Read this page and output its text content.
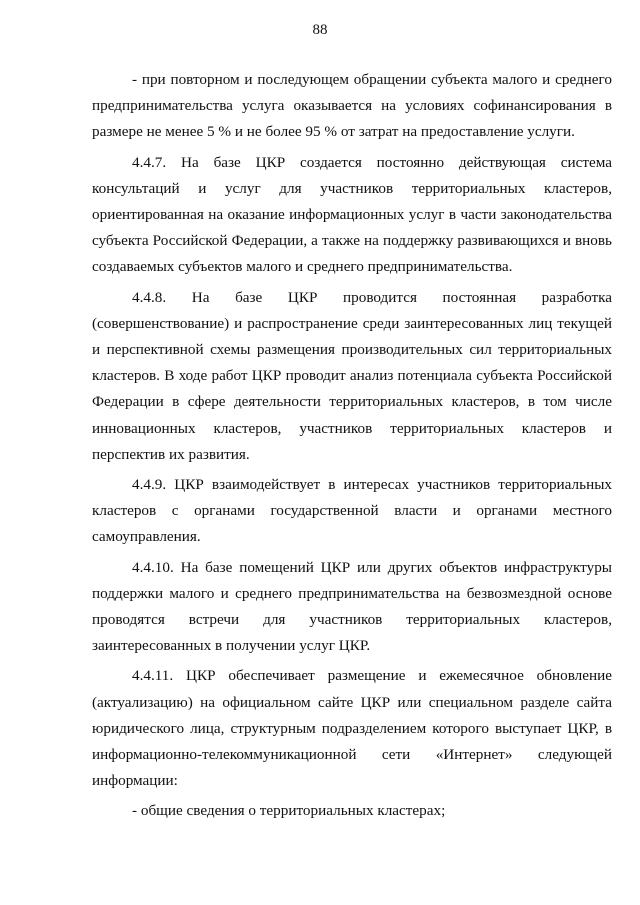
88

- при повторном и последующем обращении субъекта малого и среднего предпринимательства услуга оказывается на условиях софинансирования в размере не менее 5 % и не более 95 % от затрат на предоставление услуги.

4.4.7. На базе ЦКР создается постоянно действующая система консультаций и услуг для участников территориальных кластеров, ориентированная на оказание информационных услуг в части законодательства субъекта Российской Федерации, а также на поддержку развивающихся и вновь создаваемых субъектов малого и среднего предпринимательства.

4.4.8. На базе ЦКР проводится постоянная разработка (совершенствование) и распространение среди заинтересованных лиц текущей и перспективной схемы размещения производительных сил территориальных кластеров. В ходе работ ЦКР проводит анализ потенциала субъекта Российской Федерации в сфере деятельности территориальных кластеров, в том числе инновационных кластеров, участников территориальных кластеров и перспектив их развития.

4.4.9. ЦКР взаимодействует в интересах участников территориальных кластеров с органами государственной власти и органами местного самоуправления.

4.4.10. На базе помещений ЦКР или других объектов инфраструктуры поддержки малого и среднего предпринимательства на безвозмездной основе проводятся встречи для участников территориальных кластеров, заинтересованных в получении услуг ЦКР.

4.4.11. ЦКР обеспечивает размещение и ежемесячное обновление (актуализацию) на официальном сайте ЦКР или специальном разделе сайта юридического лица, структурным подразделением которого выступает ЦКР, в информационно-телекоммуникационной сети «Интернет» следующей информации:

- общие сведения о территориальных кластерах;
